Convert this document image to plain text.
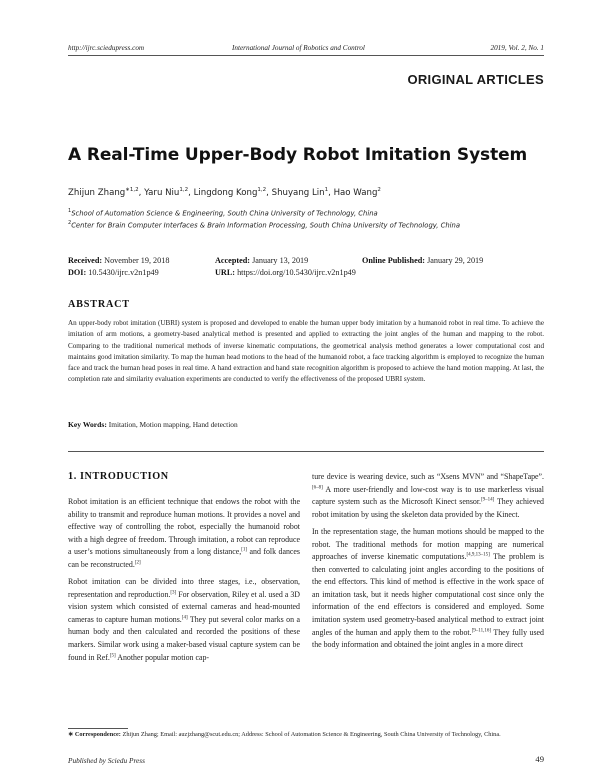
http://ijrc.sciedupress.com	International Journal of Robotics and Control	2019, Vol. 2, No. 1
ORIGINAL ARTICLES
A Real-Time Upper-Body Robot Imitation System
Zhijun Zhang$^{∗1,2}$, Yaru Niu$^{1,2}$, Lingdong Kong$^{1,2}$, Shuyang Lin$^1$, Hao Wang$^2$
$^1$School of Automation Science & Engineering, South China University of Technology, China
$^2$Center for Brain Computer Interfaces & Brain Information Processing, South China University of Technology, China
Received: November 19, 2018	Accepted: January 13, 2019	Online Published: January 29, 2019
DOI: 10.5430/ijrc.v2n1p49	URL: https://doi.org/10.5430/ijrc.v2n1p49
ABSTRACT
An upper-body robot imitation (UBRI) system is proposed and developed to enable the human upper body imitation by a humanoid robot in real time. To achieve the imitation of arm motions, a geometry-based analytical method is presented and applied to extracting the joint angles of the human and mapping to the robot. Comparing to the traditional numerical methods of inverse kinematic computations, the geometrical analysis method generates a lower computational cost and maintains good imitation similarity. To map the human head motions to the head of the humanoid robot, a face tracking algorithm is employed to recognize the human face and track the human head poses in real time. A hand extraction and hand state recognition algorithm is proposed to achieve the hand motion mapping. At last, the completion rate and similarity evaluation experiments are conducted to verify the effectiveness of the proposed UBRI system.
Key Words: Imitation, Motion mapping, Hand detection
1. INTRODUCTION

Robot imitation is an efficient technique that endows the robot with the ability to transmit and reproduce human motions. It provides a novel and effective way of controlling the robot, especially the humanoid robot with a high degree of freedom. Through imitation, a robot can reproduce a user’s motions simultaneously from a long distance,[1] and folk dances can be reconstructed.[2]

Robot imitation can be divided into three stages, i.e., observation, representation and reproduction.[3] For observation, Riley et al. used a 3D vision system which consisted of external cameras and head-mounted cameras to capture human motions.[4] They put several color marks on a human body and then calculated and recorded the positions of these markers. Similar work using a maker-based visual capture system can be found in Ref.[5] Another popular motion cap-

ture device is wearing device, such as “Xsens MVN” and “ShapeTape”.[6–8] A more user-friendly and low-cost way is to use markerless visual capture system such as the Microsoft Kinect sensor.[9–14] They achieved robot imitation by using the skeleton data provided by the Kinect.

In the representation stage, the human motions should be mapped to the robot. The traditional methods for motion mapping are numerical approaches of inverse kinematic computations.[4,9,13–15] The problem is then converted to calculating joint angles according to the positions of the end effectors. This kind of method is effective in the work space of an imitation task, but it needs higher computational cost since only the information of the end effectors is considered and employed. Some imitation system used geometry-based analytical method to extract joint angles of the human and apply them to the robot.[9–11,16] They fully used the body information and obtained the joint angles in a more direct

∗ Correspondence: Zhijun Zhang; Email: auzjzhang@scut.edu.cn; Address: School of Automation Science & Engineering, South China University of Technology, China.
Published by Sciedu Press	49
